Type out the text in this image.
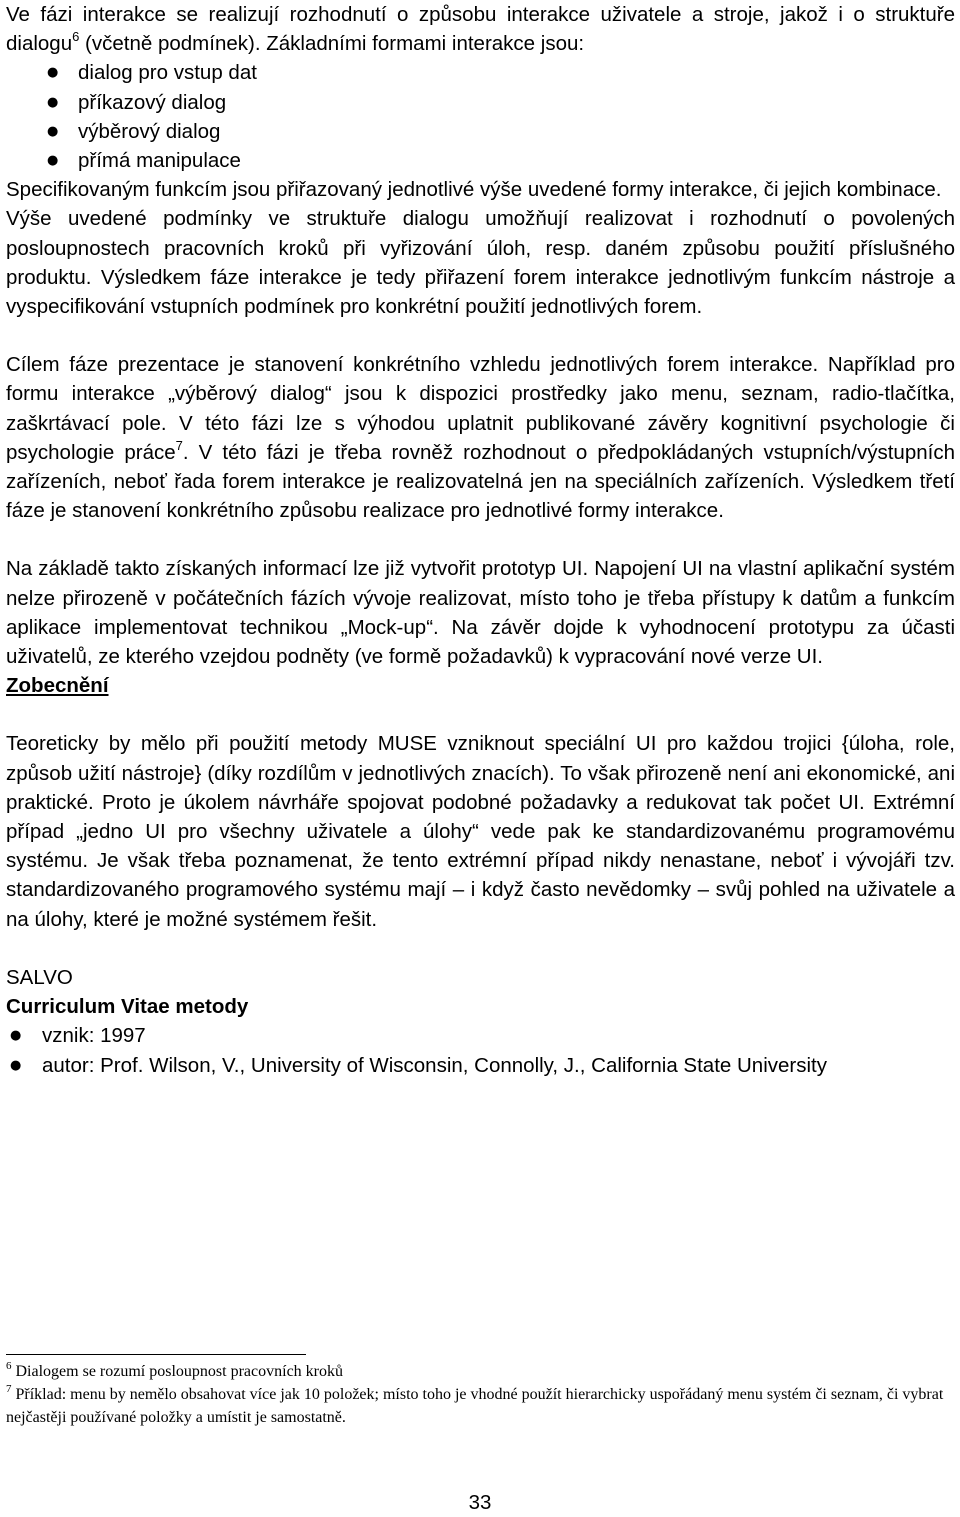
Ve fázi interakce se realizují rozhodnutí o způsobu interakce uživatele a stroje, jakož i o struktuře dialogu$^6$ (včetně podmínek). Základními formami interakce jsou:

● dialog pro vstup dat
● příkazový dialog
● výběrový dialog
● přímá manipulace

Specifikovaným funkcím jsou přiřazovaný jednotlivé výše uvedené formy interakce, či jejich kombinace.

Výše uvedené podmínky ve struktuře dialogu umožňují realizovat i rozhodnutí o povolených posloupnostech pracovních kroků při vyřizování úloh, resp. daném způsobu použití příslušného produktu. Výsledkem fáze interakce je tedy přiřazení forem interakce jednotlivým funkcím nástroje a vyspecifikování vstupních podmínek pro konkrétní použití jednotlivých forem.

Cílem fáze prezentace je stanovení konkrétního vzhledu jednotlivých forem interakce. Například pro formu interakce „výběrový dialog“ jsou k dispozici prostředky jako menu, seznam, radio-tlačítka, zaškrtávací pole. V této fázi lze s výhodou uplatnit publikované závěry kognitivní psychologie či psychologie práce$^7$. V této fázi je třeba rovněž rozhodnout o předpokládaných vstupních/výstupních zařízeních, neboť řada forem interakce je realizovatelná jen na speciálních zařízeních. Výsledkem třetí fáze je stanovení konkrétního způsobu realizace pro jednotlivé formy interakce.

Na základě takto získaných informací lze již vytvořit prototyp UI. Napojení UI na vlastní aplikační systém nelze přirozeně v počátečních fázích vývoje realizovat, místo toho je třeba přístupy k datům a funkcím aplikace implementovat technikou „Mock-up“. Na závěr dojde k vyhodnocení prototypu za účasti uživatelů, ze kterého vzejdou podněty (ve formě požadavků) k vypracování nové verze UI.

Zobecnění

Teoreticky by mělo při použití metody MUSE vzniknout speciální UI pro každou trojici {úloha, role, způsob užití nástroje} (díky rozdílům v jednotlivých znacích). To však přirozeně není ani ekonomické, ani praktické. Proto je úkolem návrháře spojovat podobné požadavky a redukovat tak počet UI. Extrémní případ „jedno UI pro všechny uživatele a úlohy“ vede pak ke standardizovanému programovému systému. Je však třeba poznamenat, že tento extrémní případ nikdy nenastane, neboť i vývojáři tzv. standardizovaného programového systému mají – i když často nevědomky – svůj pohled na uživatele a na úlohy, které je možné systémem řešit.

SALVO

Curriculum Vitae metody

● vznik: 1997
● autor: Prof. Wilson, V., University of Wisconsin, Connolly, J., California State University
$^6$ Dialogem se rozumí posloupnost pracovních kroků
$^7$ Příklad: menu by nemělo obsahovat více jak 10 položek; místo toho je vhodné použít hierarchicky uspořádaný menu systém či seznam, či vybrat nejčastěji používané položky a umístit je samostatně.
33
